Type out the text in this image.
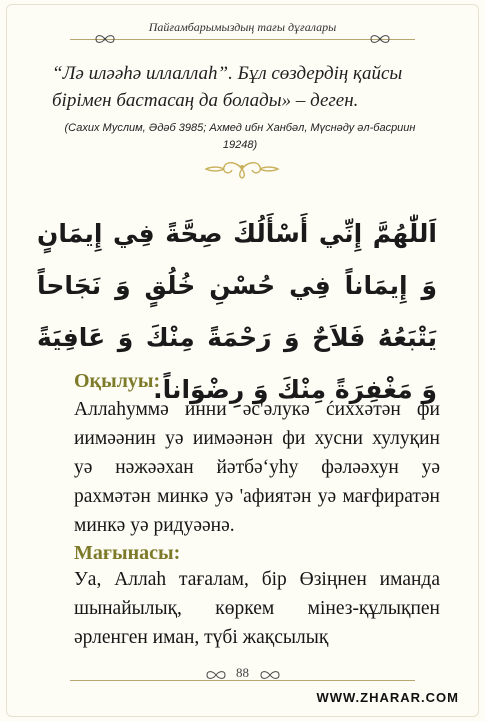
Пайғамбарымыздың тағы дұғалары
“Лә иләәһә иллаллаһ”. Бұл сөздердің қайсы бірімен бастасаң да болады» – деген.
(Сахих Муслим, Әдәб 3985; Ахмед ибн Ханбәл, Мүснәду әл-басриин 19248)
اَللّٰهُمَّ إِنِّي أَسْأَلُكَ صِحَّةً فِي إِيمَانٍ وَ إِيمَاناً فِي حُسْنِ خُلُقٍ وَ نَجَاحاً يَتْبَعُهُ فَلاَحٌ وَ رَحْمَةً مِنْكَ وَ عَافِيَةً وَ مَغْفِرَةً مِنْكَ وَ رِضْوَاناً.
Оқылуы:
Аллаһуммә инни әс'әлукә ćиххәтән фи иимәәнин уә иимәәнән фи хусни хулуқин уә нәжәәхан йәтбә‘уһу фәләәхун уә рахмәтән минкә уә 'афиятән уә мағфиратән минкә уә ридуәәнә.
Мағынасы:
Уа, Аллаһ тағалам, бір Өзіңнен иманда шынайылық, көркем мінез-құлықпен әрленген иман, түбі жақсылық
88
WWW.ZHARAR.COM
